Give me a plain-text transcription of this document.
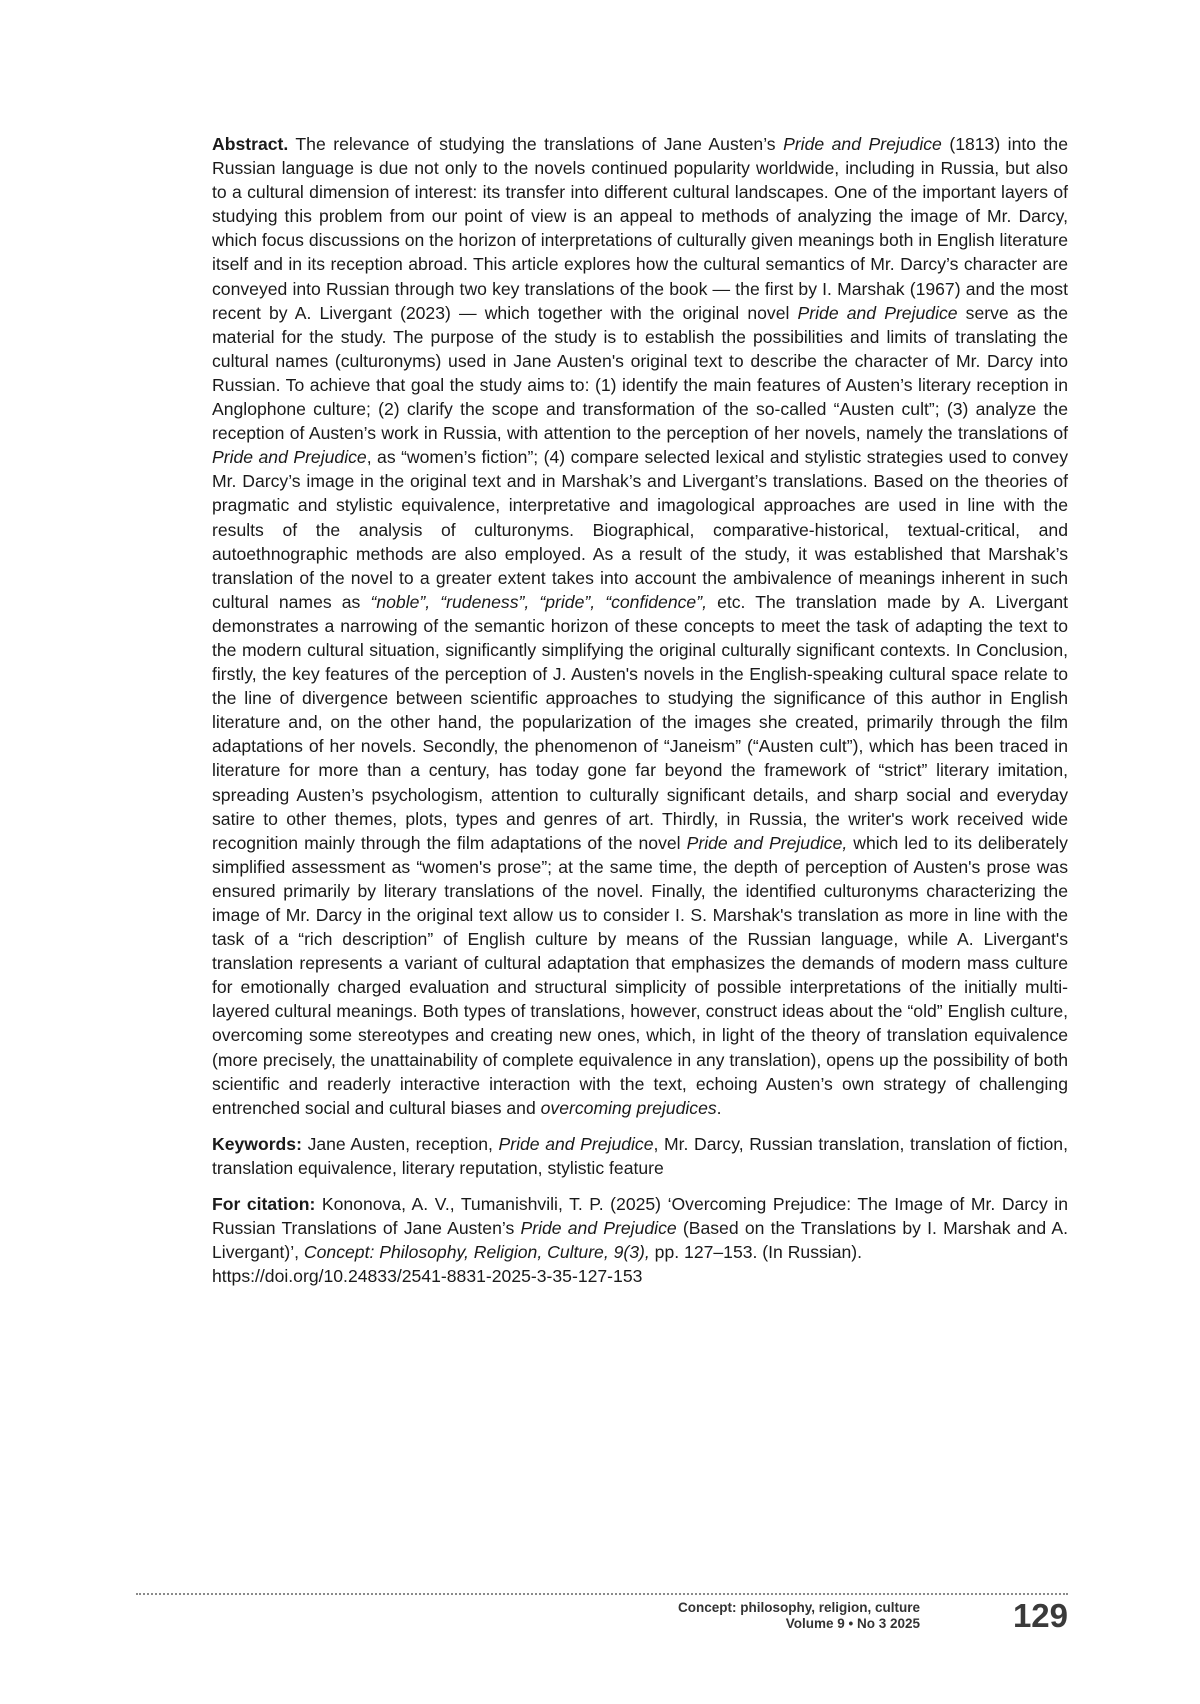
Abstract. The relevance of studying the translations of Jane Austen’s Pride and Prejudice (1813) into the Russian language is due not only to the novels continued popularity worldwide, including in Russia, but also to a cultural dimension of interest: its transfer into different cultural landscapes. One of the important layers of studying this problem from our point of view is an appeal to methods of analyzing the image of Mr. Darcy, which focus discussions on the horizon of interpretations of culturally given meanings both in English literature itself and in its reception abroad. This article explores how the cultural semantics of Mr. Darcy’s character are conveyed into Russian through two key translations of the book — the first by I. Marshak (1967) and the most recent by A. Livergant (2023) — which together with the original novel Pride and Prejudice serve as the material for the study. The purpose of the study is to establish the possibilities and limits of translating the cultural names (culturonyms) used in Jane Austen's original text to describe the character of Mr. Darcy into Russian. To achieve that goal the study aims to: (1) identify the main features of Austen’s literary reception in Anglophone culture; (2) clarify the scope and transformation of the so-called “Austen cult”; (3) analyze the reception of Austen’s work in Russia, with attention to the perception of her novels, namely the translations of Pride and Prejudice, as “women’s fiction”; (4) compare selected lexical and stylistic strategies used to convey Mr. Darcy’s image in the original text and in Marshak’s and Livergant’s translations. Based on the theories of pragmatic and stylistic equivalence, interpretative and imagological approaches are used in line with the results of the analysis of culturonyms. Biographical, comparative-historical, textual-critical, and autoethnographic methods are also employed. As a result of the study, it was established that Marshak’s translation of the novel to a greater extent takes into account the ambivalence of meanings inherent in such cultural names as “noble”, “rudeness”, “pride”, “confidence”, etc. The translation made by A. Livergant demonstrates a narrowing of the semantic horizon of these concepts to meet the task of adapting the text to the modern cultural situation, significantly simplifying the original culturally significant contexts. In Conclusion, firstly, the key features of the perception of J. Austen's novels in the English-speaking cultural space relate to the line of divergence between scientific approaches to studying the significance of this author in English literature and, on the other hand, the popularization of the images she created, primarily through the film adaptations of her novels. Secondly, the phenomenon of “Janeism” (“Austen cult”), which has been traced in literature for more than a century, has today gone far beyond the framework of “strict” literary imitation, spreading Austen’s psychologism, attention to culturally significant details, and sharp social and everyday satire to other themes, plots, types and genres of art. Thirdly, in Russia, the writer's work received wide recognition mainly through the film adaptations of the novel Pride and Prejudice, which led to its deliberately simplified assessment as “women's prose”; at the same time, the depth of perception of Austen's prose was ensured primarily by literary translations of the novel. Finally, the identified culturonyms characterizing the image of Mr. Darcy in the original text allow us to consider I. S. Marshak's translation as more in line with the task of a “rich description” of English culture by means of the Russian language, while A. Livergant's translation represents a variant of cultural adaptation that emphasizes the demands of modern mass culture for emotionally charged evaluation and structural simplicity of possible interpretations of the initially multi-layered cultural meanings. Both types of translations, however, construct ideas about the “old” English culture, overcoming some stereotypes and creating new ones, which, in light of the theory of translation equivalence (more precisely, the unattainability of complete equivalence in any translation), opens up the possibility of both scientific and readerly interactive interaction with the text, echoing Austen’s own strategy of challenging entrenched social and cultural biases and overcoming prejudices.

Keywords: Jane Austen, reception, Pride and Prejudice, Mr. Darcy, Russian translation, translation of fiction, translation equivalence, literary reputation, stylistic feature

For citation: Kononova, A. V., Tumanishvili, T. P. (2025) ‘Overcoming Prejudice: The Image of Mr. Darcy in Russian Translations of Jane Austen’s Pride and Prejudice (Based on the Translations by I. Marshak and A. Livergant)’, Concept: Philosophy, Religion, Culture, 9(3), pp. 127–153. (In Russian).
https://doi.org/10.24833/2541-8831-2025-3-35-127-153

Concept: philosophy, religion, culture
Volume 9 • No 3 2025	129
